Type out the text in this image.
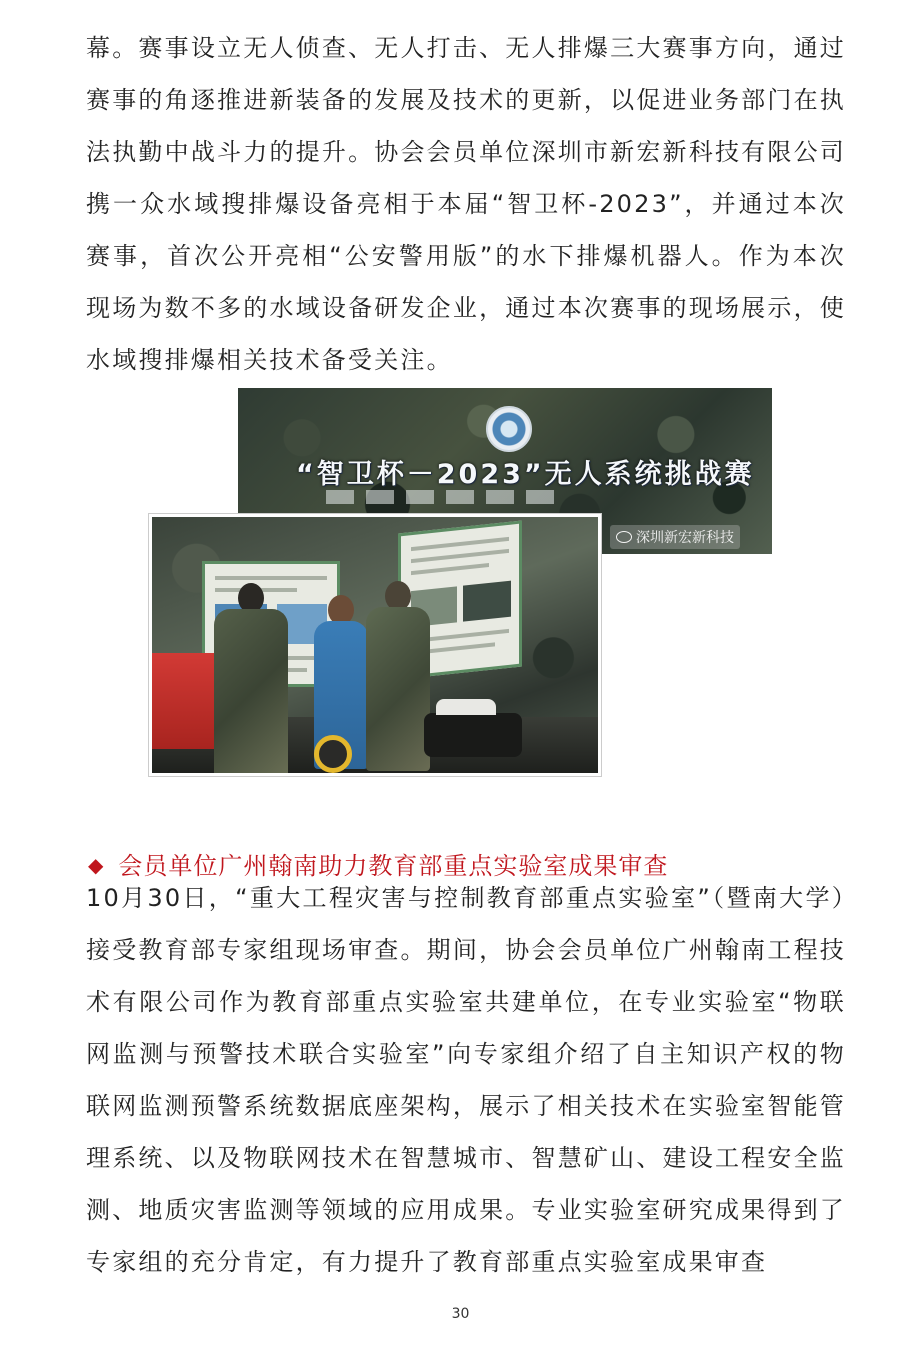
幕。赛事设立无人侦查、无人打击、无人排爆三大赛事方向，通过赛事的角逐推进新装备的发展及技术的更新，以促进业务部门在执法执勤中战斗力的提升。协会会员单位深圳市新宏新科技有限公司携一众水域搜排爆设备亮相于本届“智卫杯-2023”，并通过本次赛事，首次公开亮相“公安警用版”的水下排爆机器人。作为本次现场为数不多的水域设备研发企业，通过本次赛事的现场展示，使水域搜排爆相关技术备受关注。

“智卫杯－2023”无人系统挑战赛
深圳新宏新科技
◆ 会员单位广州翰南助力教育部重点实验室成果审查

10月30日，“重大工程灾害与控制教育部重点实验室”（暨南大学）接受教育部专家组现场审查。期间，协会会员单位广州翰南工程技术有限公司作为教育部重点实验室共建单位，在专业实验室“物联网监测与预警技术联合实验室”向专家组介绍了自主知识产权的物联网监测预警系统数据底座架构，展示了相关技术在实验室智能管理系统、以及物联网技术在智慧城市、智慧矿山、建设工程安全监测、地质灾害监测等领域的应用成果。专业实验室研究成果得到了专家组的充分肯定，有力提升了教育部重点实验室成果审查

30
